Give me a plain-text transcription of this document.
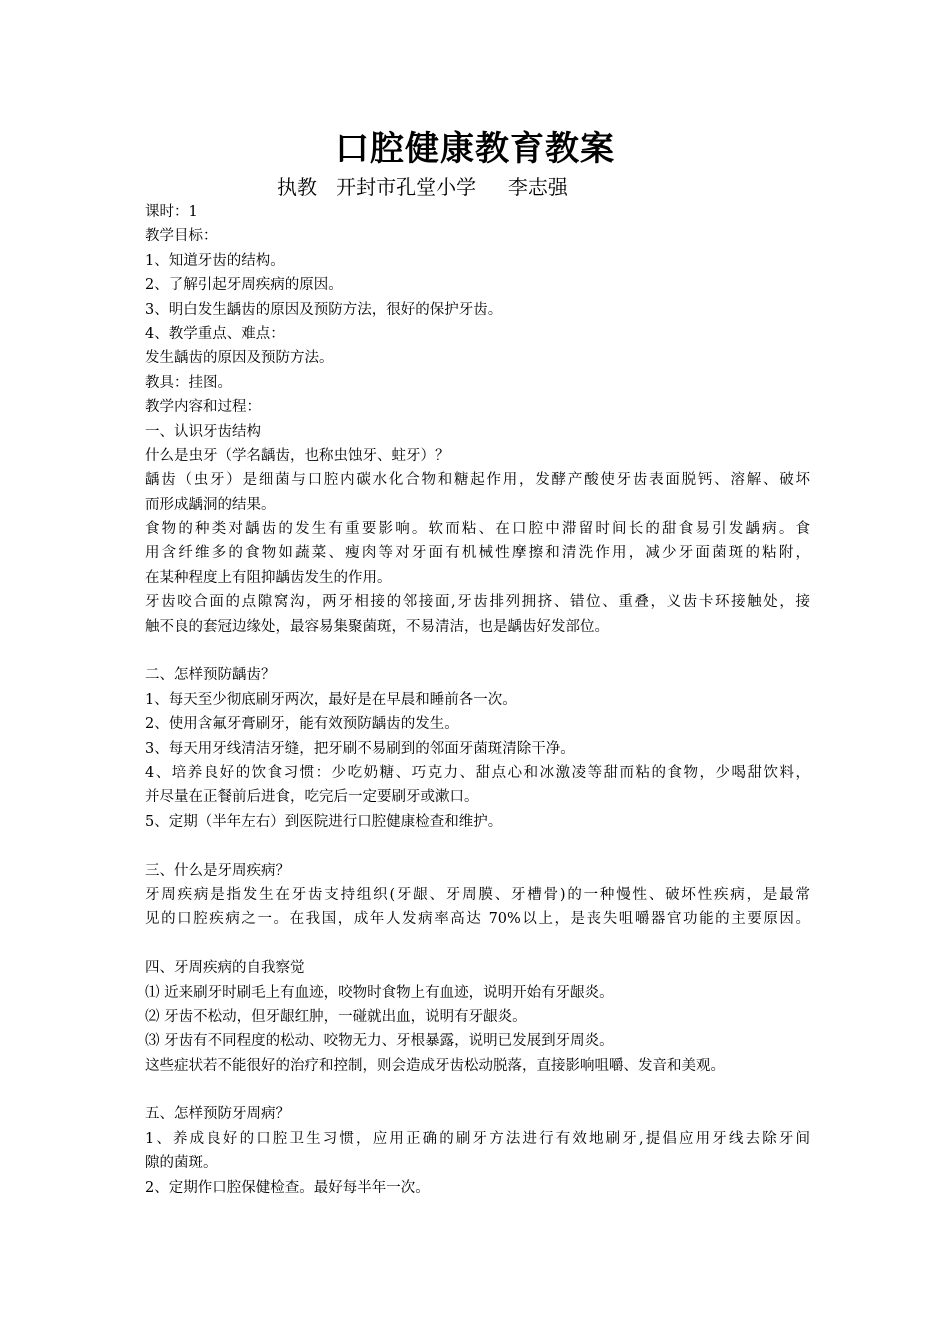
口腔健康教育教案
执教   开封市孔堂小学     李志强
课时：1
教学目标：
1、知道牙齿的结构。
2、了解引起牙周疾病的原因。
3、明白发生龋齿的原因及预防方法，很好的保护牙齿。
4、教学重点、难点：
发生龋齿的原因及预防方法。
教具：挂图。
教学内容和过程：
一、认识牙齿结构
什么是虫牙（学名龋齿，也称虫蚀牙、蛀牙）？
龋齿（虫牙）是细菌与口腔内碳水化合物和糖起作用，发酵产酸使牙齿表面脱钙、溶解、破坏
而形成龋洞的结果。
食物的种类对龋齿的发生有重要影响。软而粘、在口腔中滞留时间长的甜食易引发龋病。食
用含纤维多的食物如蔬菜、瘦肉等对牙面有机械性摩擦和清洗作用，减少牙面菌斑的粘附，
在某种程度上有阻抑龋齿发生的作用。
牙齿咬合面的点隙窝沟，两牙相接的邻接面,牙齿排列拥挤、错位、重叠，义齿卡环接触处，接
触不良的套冠边缘处，最容易集聚菌斑，不易清洁，也是龋齿好发部位。
二、怎样预防龋齿？
1、每天至少彻底刷牙两次，最好是在早晨和睡前各一次。
2、使用含氟牙膏刷牙，能有效预防龋齿的发生。
3、每天用牙线清洁牙缝，把牙刷不易刷到的邻面牙菌斑清除干净。
4、培养良好的饮食习惯：少吃奶糖、巧克力、甜点心和冰激凌等甜而粘的食物，少喝甜饮料，
并尽量在正餐前后进食，吃完后一定要刷牙或漱口。
5、定期（半年左右）到医院进行口腔健康检查和维护。
三、什么是牙周疾病？
牙周疾病是指发生在牙齿支持组织(牙龈、牙周膜、牙槽骨)的一种慢性、破坏性疾病，是最常
见的口腔疾病之一。在我国，成年人发病率高达 70%以上，是丧失咀嚼器官功能的主要原因。
四、牙周疾病的自我察觉
⑴ 近来刷牙时刷毛上有血迹，咬物时食物上有血迹，说明开始有牙龈炎。
⑵ 牙齿不松动，但牙龈红肿，一碰就出血，说明有牙龈炎。
⑶ 牙齿有不同程度的松动、咬物无力、牙根暴露，说明已发展到牙周炎。
这些症状若不能很好的治疗和控制，则会造成牙齿松动脱落，直接影响咀嚼、发音和美观。
五、怎样预防牙周病？
1、养成良好的口腔卫生习惯，应用正确的刷牙方法进行有效地刷牙,提倡应用牙线去除牙间
隙的菌斑。
2、定期作口腔保健检查。最好每半年一次。
